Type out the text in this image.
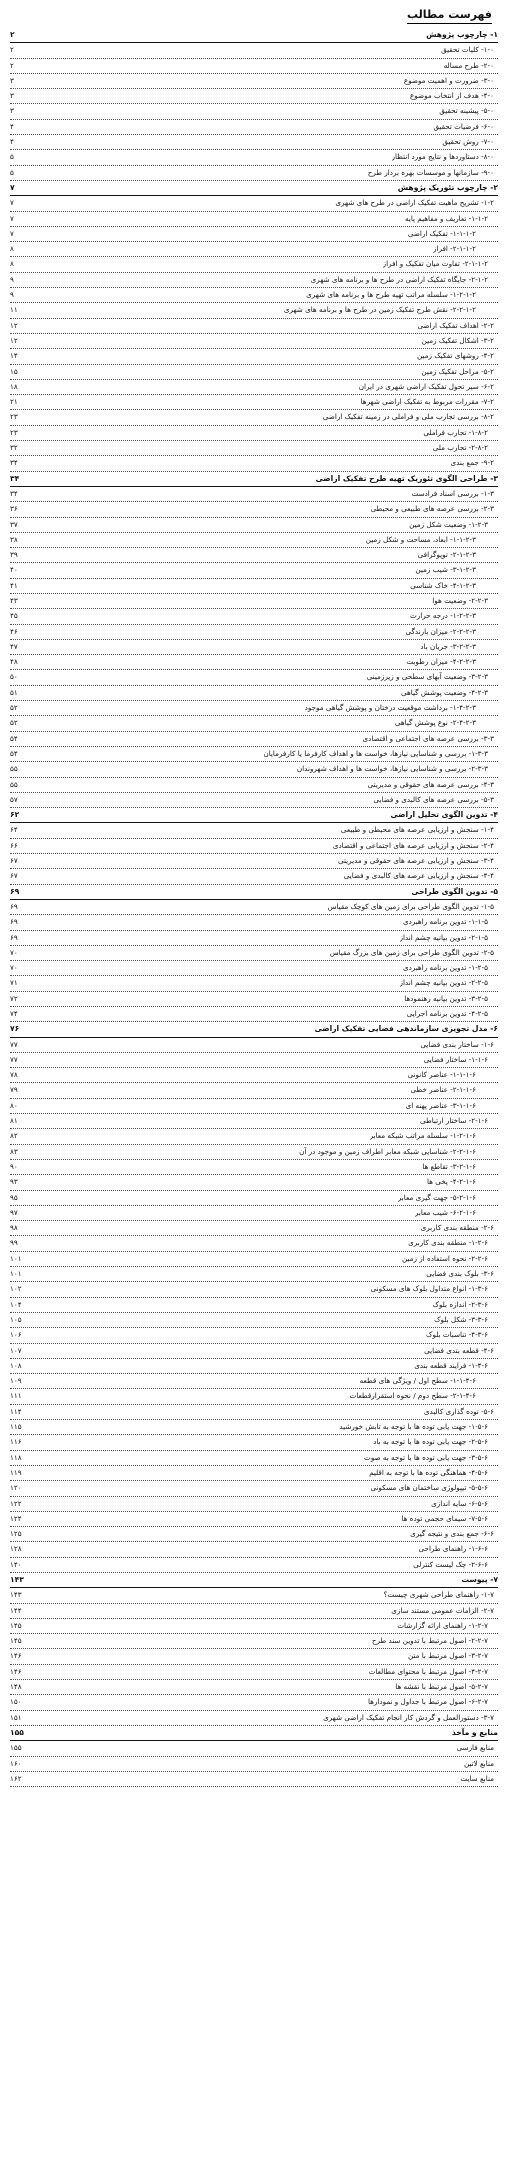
فهرست مطالب
۱- چارچوب پژوهش
۲
۱-۰- کلیات تحقیق
۲
۲-۰- طرح مساله
۲
۳-۰- ضرورت و اهمیت موضوع
۳
۴-۰- هدف از انتخاب موضوع
۳
۵-۰- پیشینه تحقیق
۳
۶-۰- فرضیات تحقیق
۴
۷-۰- روش تحقیق
۴
۸-۰- دستاوردها و نتایج مورد انتظار
۵
۹-۰- سازمانها و موسسات بهره بردار طرح
۵
۲- چارچوب تئوریک پژوهش
۷
۱-۲- تشریح ماهیت تفکیک اراضی در طرح های شهری
۷
۱-۱-۲- تعاریف و مفاهیم پایه
۷
۱-۱-۱-۲- تفکیک اراضی
۷
۲-۱-۱-۲- افراز
۸
۲-۱-۱-۲- تفاوت میان تفکیک و افراز
۸
۲-۱-۲- جایگاه تفکیک اراضی در طرح ها و برنامه های شهری
۹
۱-۲-۱-۲- سلسله مراتب تهیه طرح ها و برنامه های شهری
۹
۲-۲-۱-۲- نقش طرح تفکیک زمین در طرح ها و برنامه های شهری
۱۱
۲-۲- اهداف تفکیک اراضی
۱۲
۳-۲- اشکال تفکیک زمین
۱۲
۴-۲- روشهای تفکیک زمین
۱۴
۵-۲- مراحل تفکیک زمین
۱۵
۶-۲- سیر تحول تفکیک اراضی شهری در ایران
۱۸
۷-۲- مقررات مربوط به تفکیک اراضی شهرها
۲۱
۸-۲- بررسی تجارب ملی و فراملی در زمینه تفکیک اراضی
۲۳
۱-۸-۲- تجارب فراملی
۲۳
۲-۸-۲- تجارب ملی
۳۲
۹-۲- جمع بندی
۳۴
۳- طراحی الگوی تئوریک تهیه طرح تفکیک اراضی
۳۴
۱-۳- بررسی اسناد فرادست
۳۴
۲-۳- بررسی عرصه های طبیعی و محیطی
۳۶
۱-۲-۳- وضعیت شکل زمین
۳۷
۱-۱-۲-۳- ابعاد، مساحت و شکل زمین
۳۸
۲-۱-۲-۳- توپوگرافی
۳۹
۳-۱-۲-۳- شیب زمین
۴۰
۴-۱-۲-۳- خاک شناسی
۴۱
۲-۲-۳- وضعیت هوا
۴۳
۱-۲-۲-۳- درجه حرارت
۴۵
۲-۲-۲-۳- میزان بارندگی
۴۶
۳-۲-۲-۳- جریان باد
۴۷
۴-۲-۲-۳- میزان رطوبت
۴۸
۳-۲-۳- وضعیت آبهای سطحی و زیرزمینی
۵۰
۴-۲-۳- وضعیت پوشش گیاهی
۵۱
۱-۴-۲-۳- برداشت موقعیت درختان و پوشش گیاهی موجود
۵۲
۲-۴-۲-۳- نوع پوشش گیاهی
۵۲
۳-۳- بررسی عرصه های اجتماعی و اقتصادی
۵۴
۱-۳-۳- بررسی و شناسایی نیازها، خواست ها و اهداف کارفرما یا کارفرمایان
۵۴
۲-۳-۳- بررسی و شناسایی نیازها، خواست ها و اهداف شهروندان
۵۵
۴-۳- بررسی عرصه های حقوقی و مدیریتی
۵۵
۵-۳- بررسی عرصه های کالبدی و فضایی
۵۷
۴- تدوین الگوی تحلیل اراضی
۶۲
۱-۴- سنجش و ارزیابی عرصه های محیطی و طبیعی
۶۴
۲-۴- سنجش و ارزیابی عرصه های اجتماعی و اقتصادی
۶۶
۳-۴- سنجش و ارزیابی عرصه های حقوقی و مدیریتی
۶۷
۴-۴- سنجش و ارزیابی عرصه های کالبدی و فضایی
۶۷
۵- تدوین الگوی طراحی
۶۹
۱-۵- تدوین الگوی طراحی برای زمین های کوچک مقیاس
۶۹
۱-۱-۵- تدوین برنامه راهبردی
۶۹
۲-۱-۵- تدوین بیانیه چشم انداز
۶۹
۲-۵- تدوین الگوی طراحی برای زمین های بزرگ مقیاس
۷۰
۱-۲-۵- تدوین برنامه راهبردی
۷۰
۲-۲-۵- تدوین بیانیه چشم انداز
۷۱
۳-۲-۵- تدوین بیانیه رهنمودها
۷۲
۴-۲-۵- تدوین برنامه اجرایی
۷۴
۶- مدل تجویزی سازماندهی فضایی تفکیک اراضی
۷۶
۱-۶- ساختار بندی فضایی
۷۷
۱-۱-۶- ساختار فضایی
۷۷
۱-۱-۱-۶- عناصر کانونی
۷۸
۲-۱-۱-۶- عناصر خطی
۷۹
۳-۱-۱-۶- عناصر پهنه ای
۸۰
۲-۱-۶- ساختار ارتباطی
۸۱
۱-۲-۱-۶- سلسله مراتب شبکه معابر
۸۲
۲-۲-۱-۶- شناسایی شبکه معابر اطراف زمین و موجود در آن
۸۳
۳-۲-۱-۶- تقاطع ها
۹۰
۴-۲-۱-۶- پخی ها
۹۳
۵-۲-۱-۶- جهت گیری معابر
۹۵
۶-۲-۱-۶- شیب معابر
۹۷
۲-۶- منطقه بندی کاربری
۹۸
۱-۲-۶- منطقه بندی کاربری
۹۹
۲-۲-۶- نحوه استفاده از زمین
۱۰۱
۳-۶- بلوک بندی فضایی
۱۰۱
۱-۳-۶- انواع متداول بلوک های مسکونی
۱۰۲
۲-۳-۶- اندازه بلوک
۱۰۴
۳-۳-۶- شکل بلوک
۱۰۵
۴-۳-۶- تناسبات بلوک
۱۰۶
۴-۶- قطعه بندی فضایی
۱۰۷
۱-۴-۶- فرایند قطعه بندی
۱۰۸
۱-۱-۴-۶- سطح اول / ویژگی های قطعه
۱۰۹
۲-۱-۴-۶- سطح دوم / نحوه استقرارقطعات
۱۱۱
۵-۶- توده گذاری کالبدی
۱۱۴
۱-۵-۶- جهت یابی توده ها با توجه به تابش خورشید
۱۱۵
۲-۵-۶- جهت یابی توده ها با توجه به باد
۱۱۶
۳-۵-۶- جهت یابی توده ها با توجه به صوت
۱۱۸
۴-۵-۶- هماهنگی توده ها با توجه به اقلیم
۱۱۹
۵-۵-۶- تیپولوژی ساختمان های مسکونی
۱۲۰
۶-۵-۶- سایه اندازی
۱۲۲
۷-۵-۶- سیمای حجمی توده ها
۱۲۴
۶-۶- جمع بندی و نتیجه گیری
۱۲۵
۱-۶-۶- راهنمای طراحی
۱۲۸
۲-۶-۶- چک لیست کنترلی
۱۴۰
۷- پیوست
۱۴۳
۱-۷- راهنمای طراحی شهری چیست؟
۱۴۳
۲-۷- الزامات عمومی مستند سازی
۱۴۴
۱-۲-۷- راهنمای ارائه گزارشات
۱۴۵
۲-۲-۷- اصول مرتبط با تدوین سند طرح
۱۴۵
۳-۲-۷- اصول مرتبط با متن
۱۴۶
۴-۲-۷- اصول مرتبط با محتوای مطالعات
۱۴۶
۵-۲-۷- اصول مرتبط با نقشه ها
۱۴۸
۶-۲-۷- اصول مرتبط با جداول و نمودارها
۱۵۰
۳-۷- دستورالعمل و گردش کار انجام تفکیک اراضی شهری
۱۵۱
منابع و مآخذ
۱۵۵
منابع فارسی
۱۵۵
منابع لاتین
۱۶۰
منابع سایت
۱۶۲
